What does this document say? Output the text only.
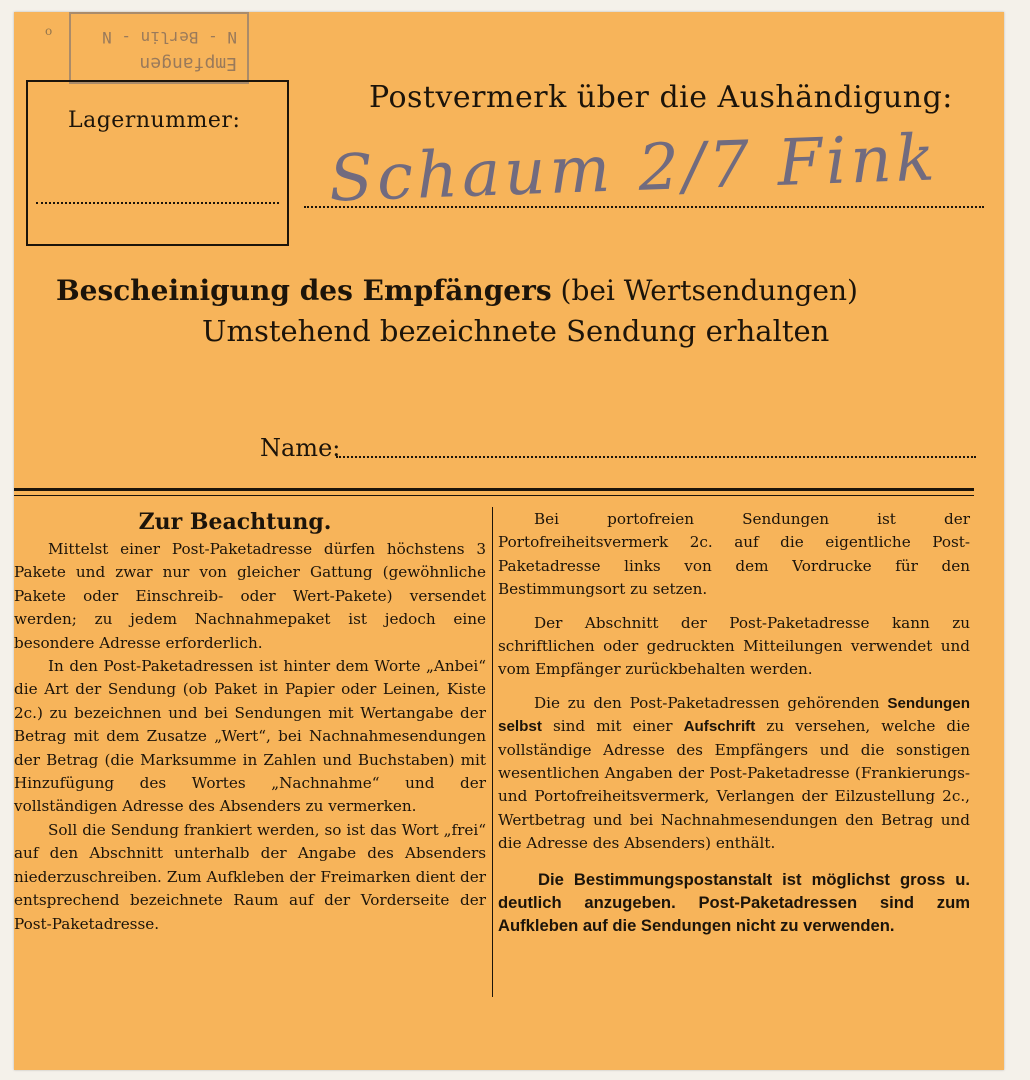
o
Empfangen
N - Berlin - N
Lagernummer:
Postvermerk über die Aushändigung:
Schaum 2/7 Fink
Bescheinigung des Empfängers (bei Wertsendungen)
Umstehend bezeichnete Sendung erhalten
Name:
Zur Beachtung.

Mittelst einer Post-Paketadresse dürfen höchstens 3 Pakete und zwar nur von gleicher Gattung (gewöhnliche Pakete oder Einschreib- oder Wert-Pakete) versendet werden; zu jedem Nachnahmepaket ist jedoch eine besondere Adresse erforderlich.

In den Post-Paketadressen ist hinter dem Worte „Anbei“ die Art der Sendung (ob Paket in Papier oder Leinen, Kiste 2c.) zu bezeichnen und bei Sendungen mit Wertangabe der Betrag mit dem Zusatze „Wert“, bei Nachnahmesendungen der Betrag (die Marksumme in Zahlen und Buchstaben) mit Hinzufügung des Wortes „Nachnahme“ und der vollständigen Adresse des Absenders zu vermerken.

Soll die Sendung frankiert werden, so ist das Wort „frei“ auf den Abschnitt unterhalb der Angabe des Absenders niederzuschreiben. Zum Aufkleben der Freimarken dient der entsprechend bezeichnete Raum auf der Vorderseite der Post-Paketadresse.

Bei portofreien Sendungen ist der Portofreiheitsvermerk 2c. auf die eigentliche Post-Paketadresse links von dem Vordrucke für den Bestimmungsort zu setzen.

Der Abschnitt der Post-Paketadresse kann zu schriftlichen oder gedruckten Mitteilungen verwendet und vom Empfänger zurückbehalten werden.

Die zu den Post-Paketadressen gehörenden Sendungen selbst sind mit einer Aufschrift zu versehen, welche die vollständige Adresse des Empfängers und die sonstigen wesentlichen Angaben der Post-Paketadresse (Frankierungs- und Portofreiheitsvermerk, Verlangen der Eilzustellung 2c., Wertbetrag und bei Nachnahmesendungen den Betrag und die Adresse des Absenders) enthält.

Die Bestimmungspostanstalt ist möglichst gross u. deutlich anzugeben. Post-Paketadressen sind zum Aufkleben auf die Sendungen nicht zu verwenden.
